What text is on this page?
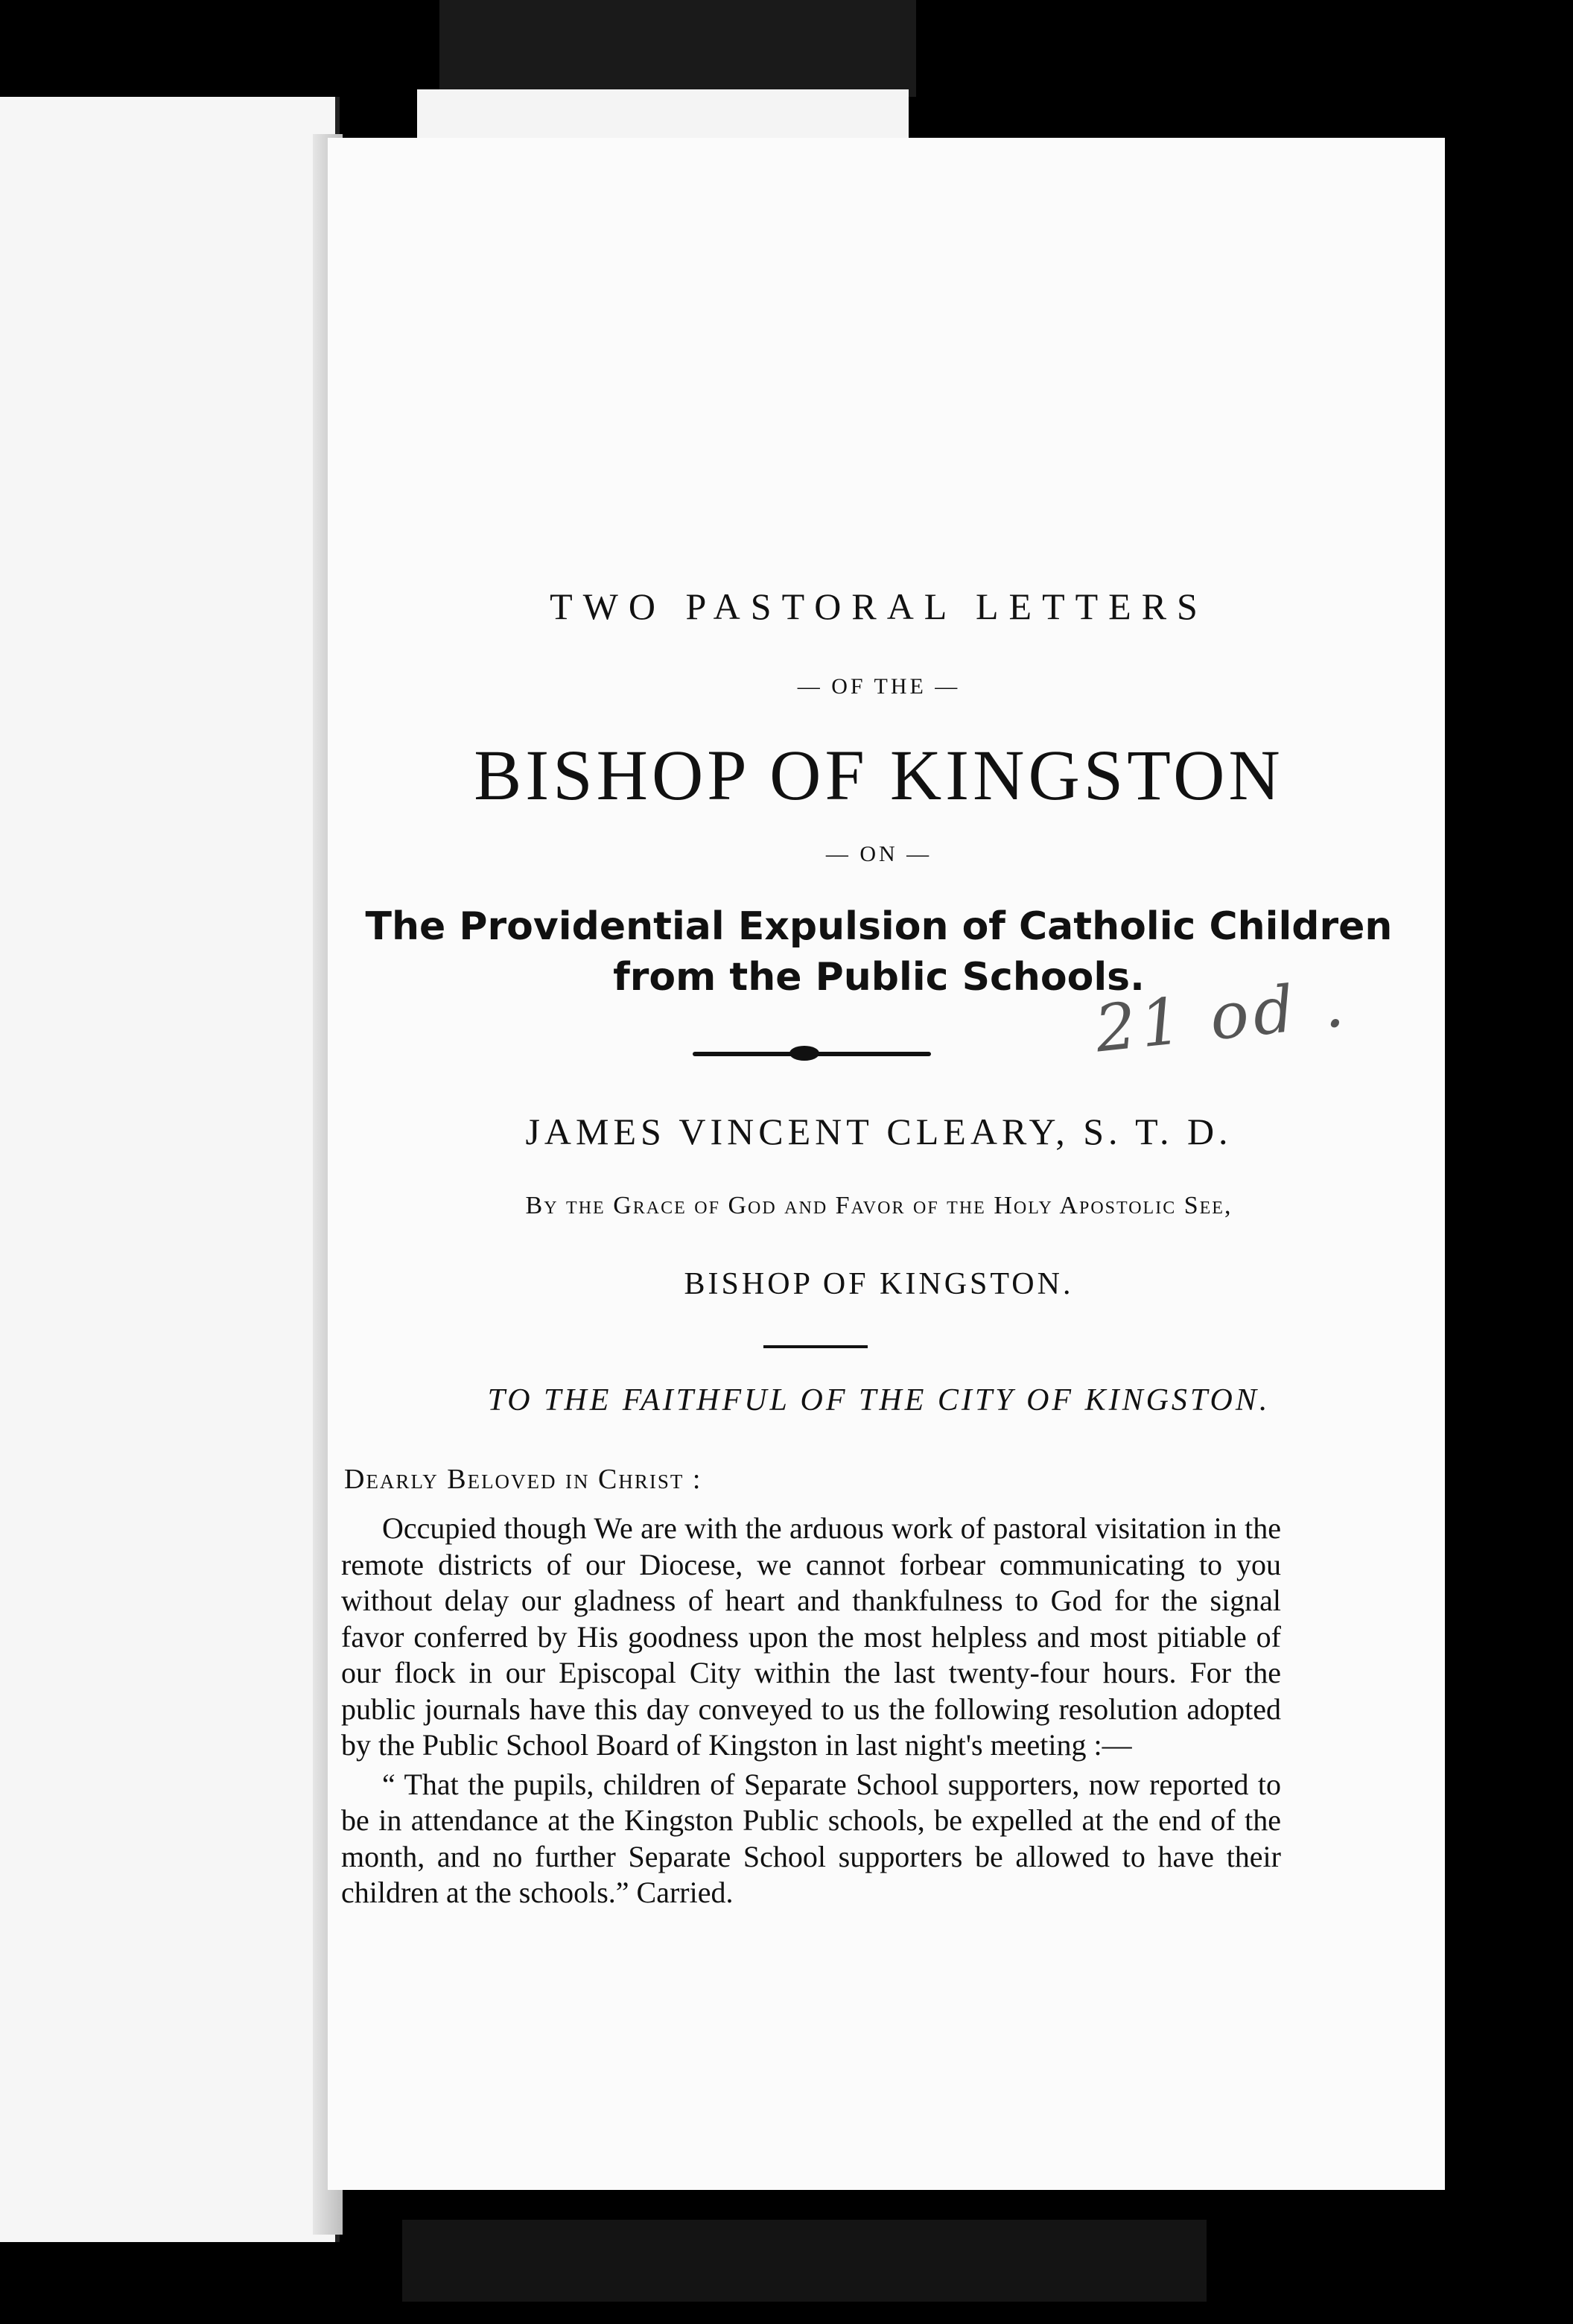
TWO PASTORAL LETTERS
— OF THE —
BISHOP OF KINGSTON
— ON —
The Providential Expulsion of Catholic Children
from the Public Schools.
21 od .
JAMES VINCENT CLEARY, S. T. D.
By the Grace of God and Favor of the Holy Apostolic See,
BISHOP OF KINGSTON.
TO THE FAITHFUL OF THE CITY OF KINGSTON.
Dearly Beloved in Christ :

Occupied though We are with the arduous work of pastoral visitation in the remote districts of our Diocese, we cannot forbear communicating to you without delay our gladness of heart and thankfulness to God for the signal favor conferred by His goodness upon the most helpless and most pitiable of our flock in our Episcopal City within the last twenty-four hours. For the public journals have this day conveyed to us the following resolution adopted by the Public School Board of Kingston in last night's meeting :—

“ That the pupils, children of Separate School supporters, now reported to be in attendance at the Kingston Public schools, be expelled at the end of the month, and no further Separate School supporters be allowed to have their children at the schools.” Carried.
